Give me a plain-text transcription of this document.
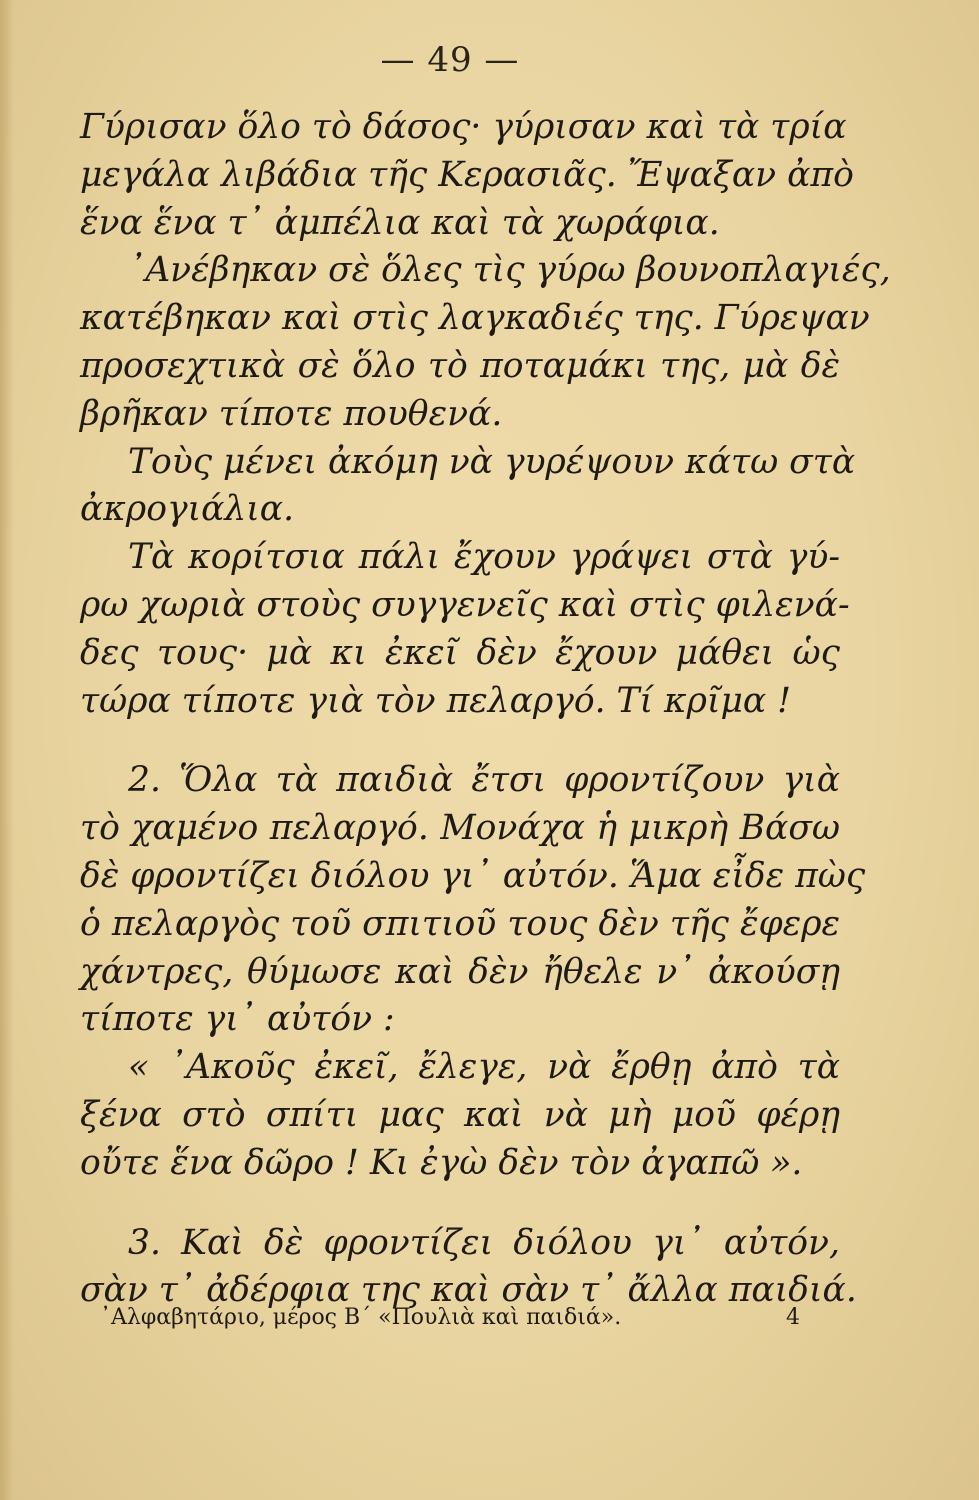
— 49 —
Γύρισαν ὅλο τὸ δάσος· γύρισαν καὶ τὰ τρία
μεγάλα λιβάδια τῆς Κερασιᾶς. Ἔψαξαν ἀπὸ
ἕνα ἕνα τ᾽ ἀμπέλια καὶ τὰ χωράφια.
᾽Ανέβηκαν σὲ ὅλες τὶς γύρω βουνοπλαγιές,
κατέβηκαν καὶ στὶς λαγκαδιές της. Γύρεψαν
προσεχτικὰ σὲ ὅλο τὸ ποταμάκι της, μὰ δὲ
βρῆκαν τίποτε πουθενά.
Τοὺς μένει ἀκόμη νὰ γυρέψουν κάτω στὰ
ἀκρογιάλια.
Τὰ κορίτσια πάλι ἔχουν γράψει στὰ γύ-
ρω χωριὰ στοὺς συγγενεῖς καὶ στὶς φιλενά-
δες τους· μὰ κι ἐκεῖ δὲν ἔχουν μάθει ὡς
τώρα τίποτε γιὰ τὸν πελαργό. Τί κρῖμα !
2. Ὅλα τὰ παιδιὰ ἔτσι φροντίζουν γιὰ
τὸ χαμένο πελαργό. Μονάχα ἡ μικρὴ Βάσω
δὲ φροντίζει διόλου γι᾽ αὐτόν. Ἅμα εἶδε πὼς
ὁ πελαργὸς τοῦ σπιτιοῦ τους δὲν τῆς ἔφερε
χάντρες, θύμωσε καὶ δὲν ἤθελε ν᾽ ἀκούσῃ
τίποτε γι᾽ αὐτόν :
« ᾽Ακοῦς ἐκεῖ, ἔλεγε, νὰ ἔρθῃ ἀπὸ τὰ
ξένα στὸ σπίτι μας καὶ νὰ μὴ μοῦ φέρῃ
οὔτε ἕνα δῶρο ! Κι ἐγὼ δὲν τὸν ἀγαπῶ ».
3. Καὶ δὲ φροντίζει διόλου γι᾽ αὐτόν,
σὰν τ᾽ ἀδέρφια της καὶ σὰν τ᾽ ἄλλα παιδιά.
᾽Αλφαβητάριο, μέρος Β΄ «Πουλιὰ καὶ παιδιά».	4
